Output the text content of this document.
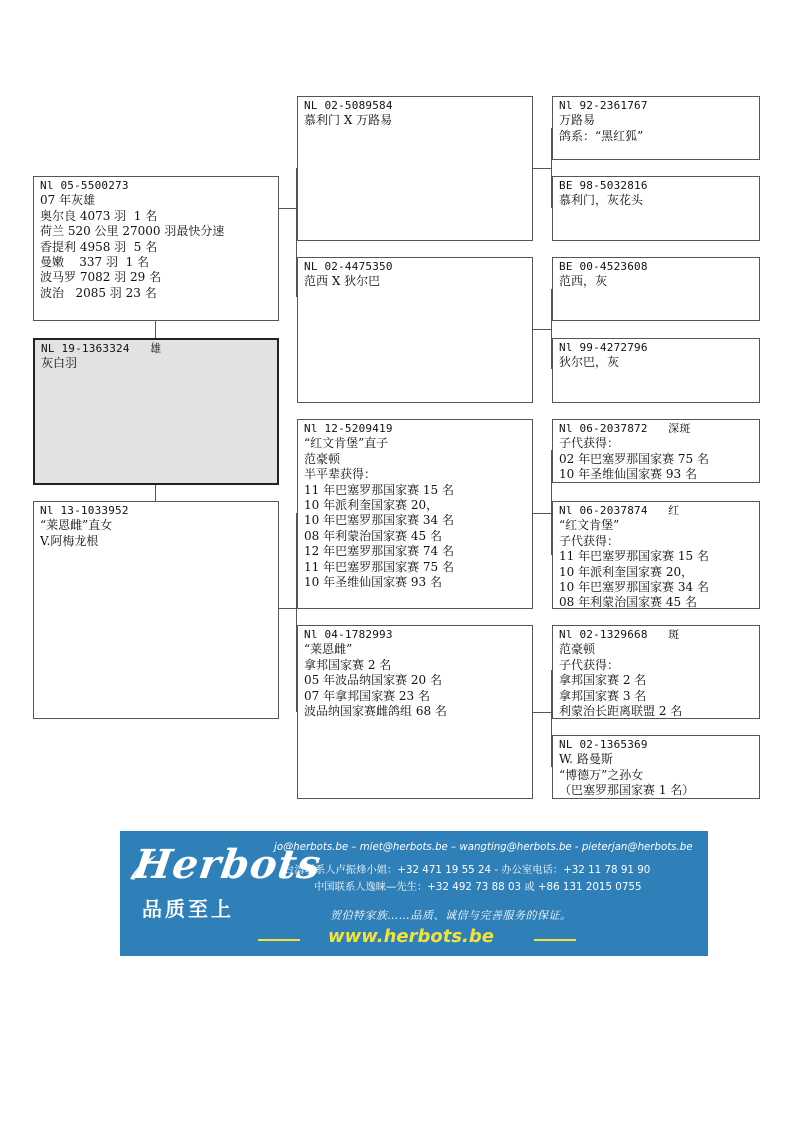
Nl 05-5500273
07 年灰雄
奥尔良 4073 羽  1 名
荷兰 520 公里 27000 羽最快分速
香提利 4958 羽  5 名
曼嫩    337 羽  1 名
波马罗 7082 羽 29 名
波治   2085 羽 23 名
NL 19-1363324   雄
灰白羽
Nl 13-1033952
“莱恩雌”直女
V.阿梅龙根
NL 02-5089584
慕利门 X 万路易
NL 02-4475350
范西 X 狄尔巴
Nl 12-5209419
“红文肯堡”直子
范豪顿
半平辈获得：
11 年巴塞罗那国家赛 15 名
10 年派利奎国家赛 20，
10 年巴塞罗那国家赛 34 名
08 年利蒙治国家赛 45 名
12 年巴塞罗那国家赛 74 名
11 年巴塞罗那国家赛 75 名
10 年圣维仙国家赛 93 名
Nl 04-1782993
“莱恩雌”
拿邦国家赛 2 名
05 年波品纳国家赛 20 名
07 年拿邦国家赛 23 名
波品纳国家赛雌鸽组 68 名
Nl 92-2361767
万路易
鸽系：“黑红狐”
BE 98-5032816
慕利门，灰花头
BE 00-4523608
范西，灰
Nl 99-4272796
狄尔巴，灰
Nl 06-2037872   深斑
子代获得：
02 年巴塞罗那国家赛 75 名
10 年圣维仙国家赛 93 名
Nl 06-2037874   红
“红文肯堡”
子代获得：
11 年巴塞罗那国家赛 15 名
10 年派利奎国家赛 20，
10 年巴塞罗那国家赛 34 名
08 年利蒙治国家赛 45 名
Nl 02-1329668   斑
范豪顿
子代获得：
拿邦国家赛 2 名
拿邦国家赛 3 名
利蒙治长距离联盟 2 名
NL 02-1365369
W. 路曼斯
“博德万”之孙女
（巴塞罗那国家赛 1 名）
Herbots
品质至上
jo@herbots.be – miet@herbots.be – wangting@herbots.be - pieterjan@herbots.be
台湾联系人卢振烽小姐：+32 471 19 55 24 - 办公室电话：+32 11 78 91 90
中国联系人逸睐—先生：+32 492 73 88 03 或 +86 131 2015 0755
贺伯特家族……品质、诚信与完善服务的保证。
www.herbots.be
